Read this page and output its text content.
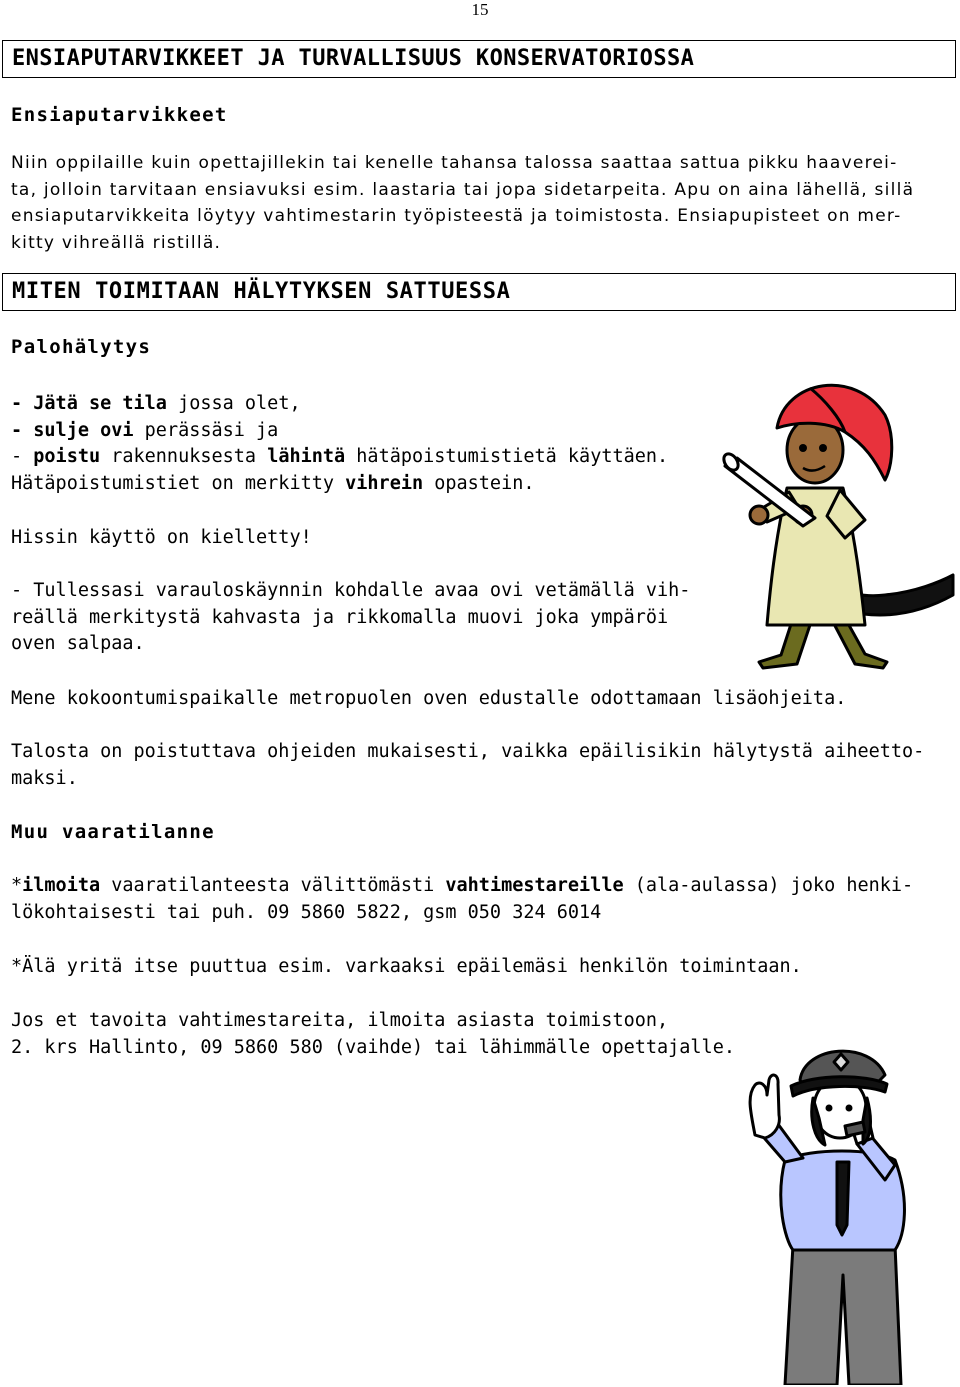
15
ENSIAPUTARVIKKEET JA TURVALLISUUS KONSERVATORIOSSA
Ensiaputarvikkeet
Niin oppilaille kuin opettajillekin tai kenelle tahansa talossa saattaa sattua pikku haaverei-
ta, jolloin tarvitaan ensiavuksi esim. laastaria tai jopa sidetarpeita. Apu on aina lähellä, sillä
ensiaputarvikkeita löytyy vahtimestarin työpisteestä ja toimistosta. Ensiapupisteet on mer-
kitty vihreällä ristillä.
MITEN TOIMITAAN HÄLYTYKSEN SATTUESSA
Palohälytys
- Jätä se tila jossa olet,
- sulje ovi perässäsi ja
- poistu rakennuksesta lähintä hätäpoistumistietä käyttäen.
Hätäpoistumistiet on merkitty vihrein opastein.
Hissin käyttö on kielletty!
- Tullessasi varauloskäynnin kohdalle avaa ovi vetämällä vih-
reällä merkitystä kahvasta ja rikkomalla muovi joka ympäröi
oven salpaa.
Mene kokoontumispaikalle metropuolen oven edustalle odottamaan lisäohjeita.
Talosta on poistuttava ohjeiden mukaisesti, vaikka epäilisikin hälytystä aiheetto-
maksi.
Muu vaaratilanne
*ilmoita vaaratilanteesta välittömästi vahtimestareille (ala-aulassa) joko henki-
lökohtaisesti tai puh. 09 5860 5822, gsm 050 324 6014
*Älä yritä itse puuttua esim. varkaaksi epäilemäsi henkilön toimintaan.
Jos et tavoita vahtimestareita, ilmoita asiasta toimistoon,
2. krs Hallinto, 09 5860 580 (vaihde) tai lähimmälle opettajalle.
